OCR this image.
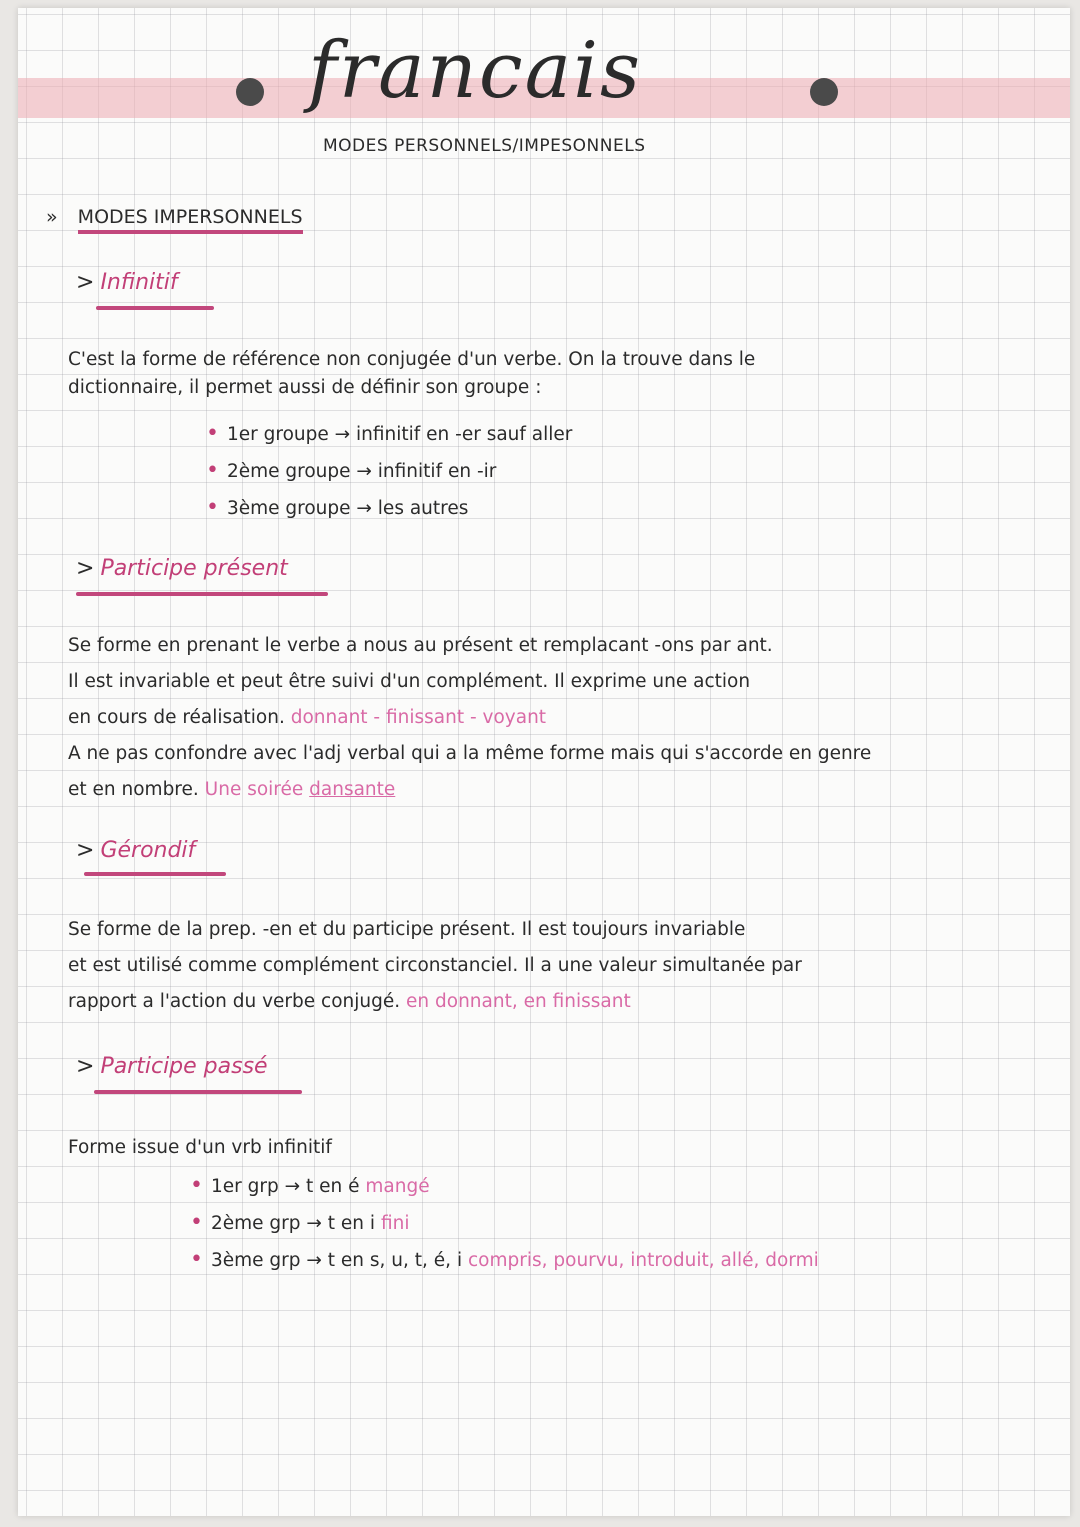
francais
MODES PERSONNELS/IMPESONNELS
» MODES IMPERSONNELS
> Infinitif
C'est la forme de référence non conjugée d'un verbe. On la trouve dans le
dictionnaire, il permet aussi de définir son groupe :
• 1er groupe → infinitif en -er sauf aller
• 2ème groupe → infinitif en -ir
• 3ème groupe → les autres
> Participe présent
Se forme en prenant le verbe a nous au présent et remplacant -ons par ant.
Il est invariable et peut être suivi d'un complément. Il exprime une action
en cours de réalisation. donnant - finissant - voyant
A ne pas confondre avec l'adj verbal qui a la même forme mais qui s'accorde en genre
et en nombre. Une soirée dansante
> Gérondif
Se forme de la prep. -en et du participe présent. Il est toujours invariable
et est utilisé comme complément circonstanciel. Il a une valeur simultanée par
rapport a l'action du verbe conjugé. en donnant, en finissant
> Participe passé
Forme issue d'un vrb infinitif
• 1er grp → t en é mangé
• 2ème grp → t en i fini
• 3ème grp → t en s, u, t, é, i compris, pourvu, introduit, allé, dormi
